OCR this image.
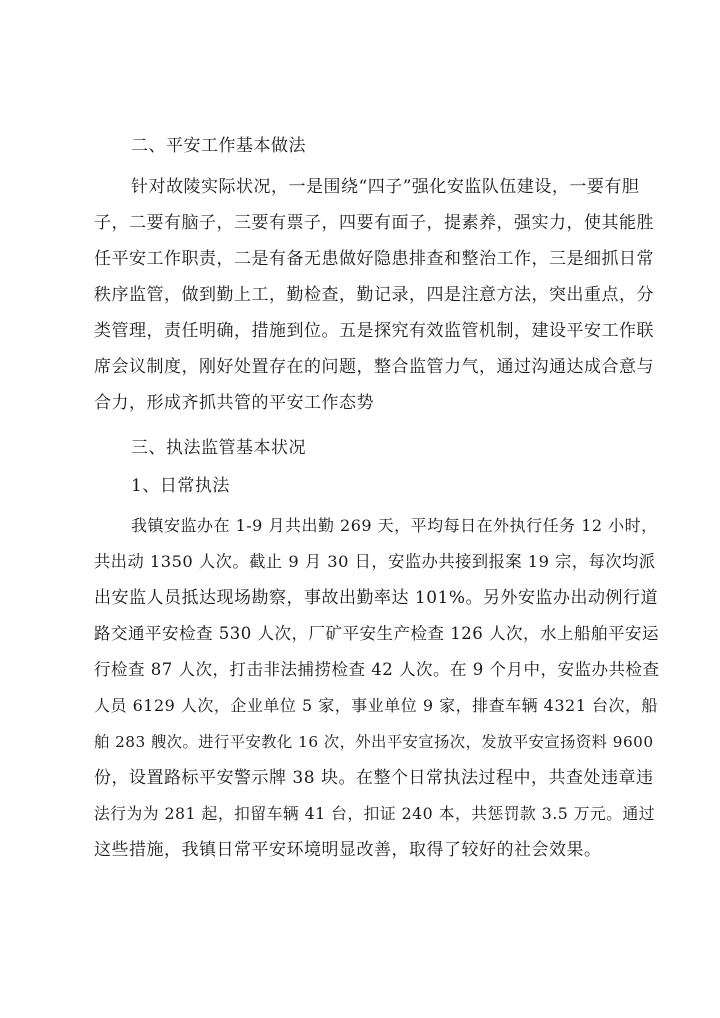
二、平安工作基本做法
针对故陵实际状况，一是围绕“四子”强化安监队伍建设，一要有胆
子，二要有脑子，三要有票子，四要有面子，提素养，强实力，使其能胜
任平安工作职责，二是有备无患做好隐患排查和整治工作，三是细抓日常
秩序监管，做到勤上工，勤检查，勤记录，四是注意方法，突出重点，分
类管理，责任明确，措施到位。五是探究有效监管机制，建设平安工作联
席会议制度，刚好处置存在的问题，整合监管力气，通过沟通达成合意与
合力，形成齐抓共管的平安工作态势
三、执法监管基本状况
1、日常执法
我镇安监办在 1-9 月共出勤 269 天，平均每日在外执行任务 12 小时，
共出动 1350 人次。截止 9 月 30 日，安监办共接到报案 19 宗，每次均派
出安监人员抵达现场勘察，事故出勤率达 101%。另外安监办出动例行道
路交通平安检查 530 人次，厂矿平安生产检查 126 人次，水上船舶平安运
行检查 87 人次，打击非法捕捞检查 42 人次。在 9 个月中，安监办共检查
人员 6129 人次，企业单位 5 家，事业单位 9 家，排查车辆 4321 台次，船
舶 283 艘次。进行平安教化 16 次，外出平安宣扬次，发放平安宣扬资料 9600
份，设置路标平安警示牌 38 块。在整个日常执法过程中，共查处违章违
法行为为 281 起，扣留车辆 41 台，扣证 240 本，共惩罚款 3.5 万元。通过
这些措施，我镇日常平安环境明显改善，取得了较好的社会效果。
